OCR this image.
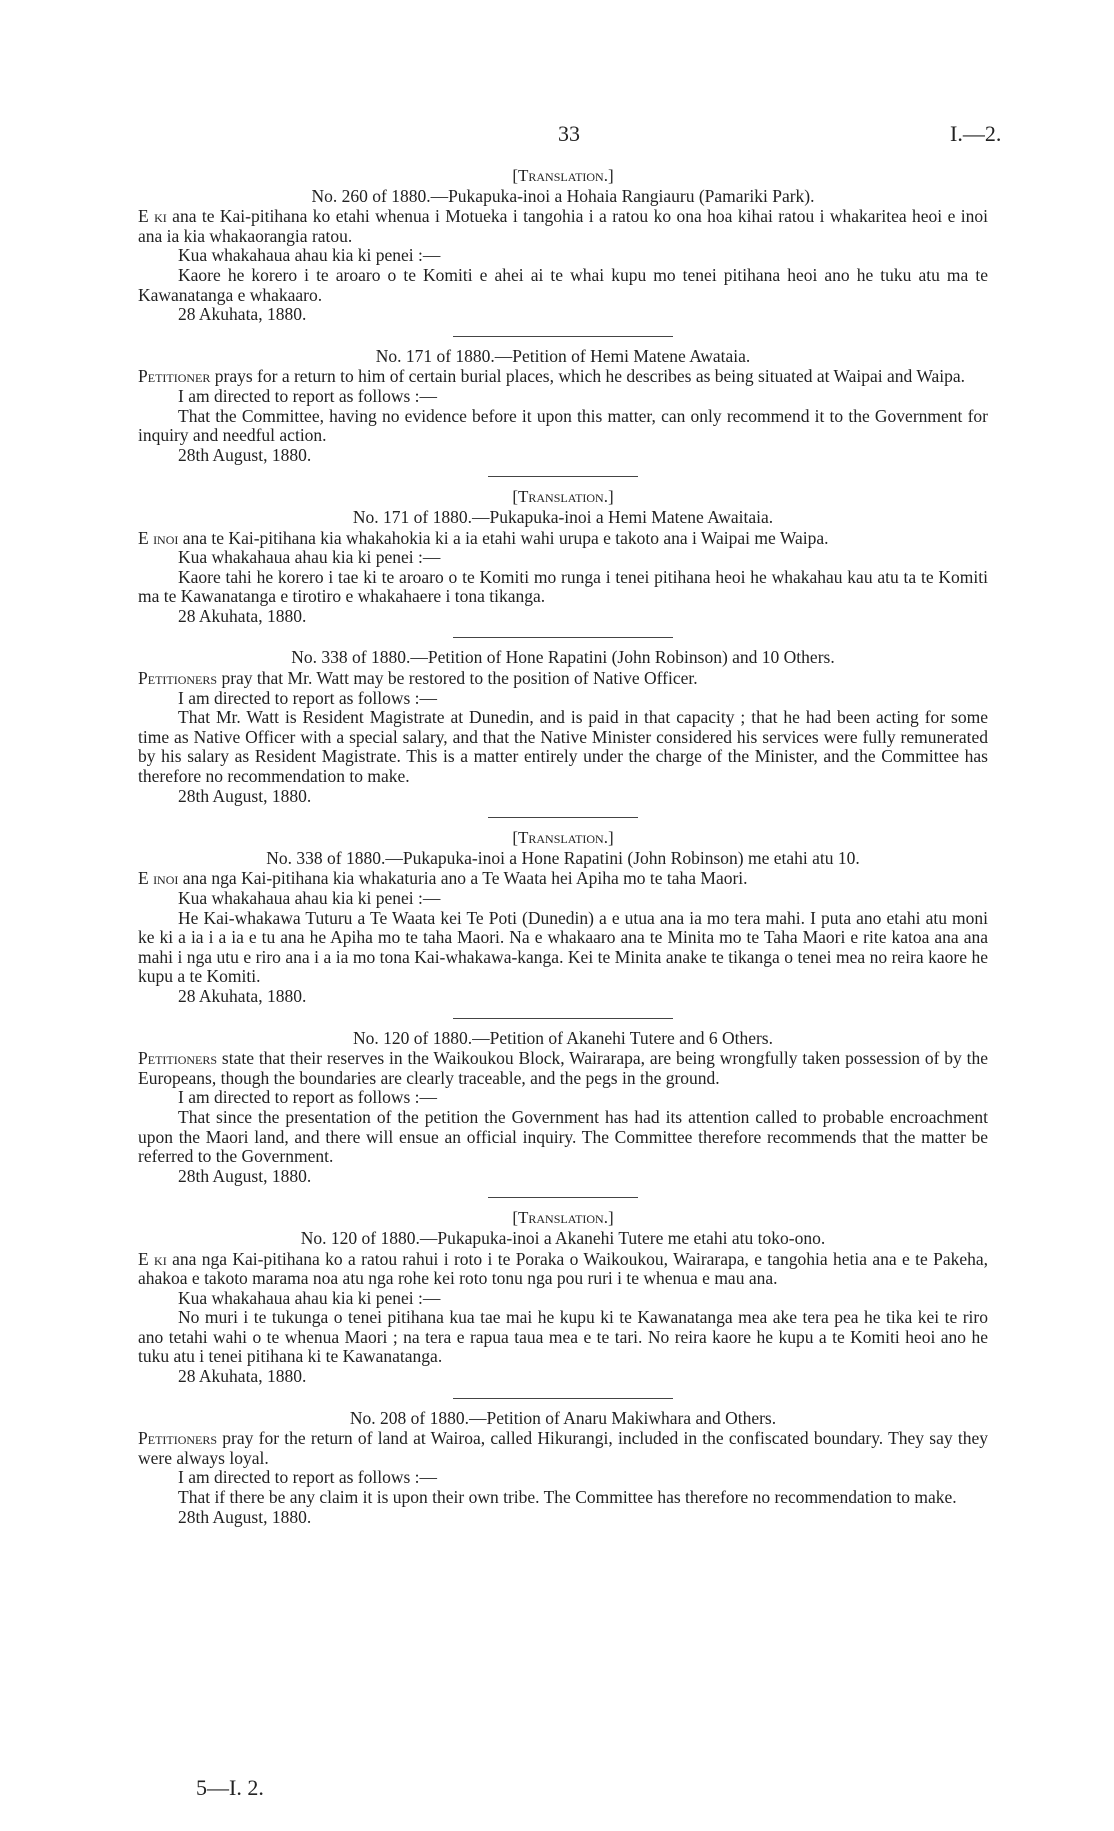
33	I.—2.
[Translation.]
No. 260 of 1880.—Pukapuka-inoi a Hohaia Rangiauru (Pamariki Park).
E ki ana te Kai-pitihana ko etahi whenua i Motueka i tangohia i a ratou ko ona hoa kihai ratou i whakaritea heoi e inoi ana ia kia whakaorangia ratou.
Kua whakahaua ahau kia ki penei :—
Kaore he korero i te aroaro o te Komiti e ahei ai te whai kupu mo tenei pitihana heoi ano he tuku atu ma te Kawanatanga e whakaaro.
28 Akuhata, 1880.
No. 171 of 1880.—Petition of Hemi Matene Awataia.
Petitioner prays for a return to him of certain burial places, which he describes as being situated at Waipai and Waipa.
I am directed to report as follows :—
That the Committee, having no evidence before it upon this matter, can only recommend it to the Government for inquiry and needful action.
28th August, 1880.
[Translation.]
No. 171 of 1880.—Pukapuka-inoi a Hemi Matene Awaitaia.
E inoi ana te Kai-pitihana kia whakahokia ki a ia etahi wahi urupa e takoto ana i Waipai me Waipa.
Kua whakahaua ahau kia ki penei :—
Kaore tahi he korero i tae ki te aroaro o te Komiti mo runga i tenei pitihana heoi he whakahau kau atu ta te Komiti ma te Kawanatanga e tirotiro e whakahaere i tona tikanga.
28 Akuhata, 1880.
No. 338 of 1880.—Petition of Hone Rapatini (John Robinson) and 10 Others.
Petitioners pray that Mr. Watt may be restored to the position of Native Officer.
I am directed to report as follows :—
That Mr. Watt is Resident Magistrate at Dunedin, and is paid in that capacity ; that he had been acting for some time as Native Officer with a special salary, and that the Native Minister considered his services were fully remunerated by his salary as Resident Magistrate. This is a matter entirely under the charge of the Minister, and the Committee has therefore no recommendation to make.
28th August, 1880.
[Translation.]
No. 338 of 1880.—Pukapuka-inoi a Hone Rapatini (John Robinson) me etahi atu 10.
E inoi ana nga Kai-pitihana kia whakaturia ano a Te Waata hei Apiha mo te taha Maori.
Kua whakahaua ahau kia ki penei :—
He Kai-whakawa Tuturu a Te Waata kei Te Poti (Dunedin) a e utua ana ia mo tera mahi. I puta ano etahi atu moni ke ki a ia i a ia e tu ana he Apiha mo te taha Maori. Na e whakaaro ana te Minita mo te Taha Maori e rite katoa ana ana mahi i nga utu e riro ana i a ia mo tona Kai-whakawa-kanga. Kei te Minita anake te tikanga o tenei mea no reira kaore he kupu a te Komiti.
28 Akuhata, 1880.
No. 120 of 1880.—Petition of Akanehi Tutere and 6 Others.
Petitioners state that their reserves in the Waikoukou Block, Wairarapa, are being wrongfully taken possession of by the Europeans, though the boundaries are clearly traceable, and the pegs in the ground.
I am directed to report as follows :—
That since the presentation of the petition the Government has had its attention called to probable encroachment upon the Maori land, and there will ensue an official inquiry. The Committee therefore recommends that the matter be referred to the Government.
28th August, 1880.
[Translation.]
No. 120 of 1880.—Pukapuka-inoi a Akanehi Tutere me etahi atu toko-ono.
E ki ana nga Kai-pitihana ko a ratou rahui i roto i te Poraka o Waikoukou, Wairarapa, e tangohia hetia ana e te Pakeha, ahakoa e takoto marama noa atu nga rohe kei roto tonu nga pou ruri i te whenua e mau ana.
Kua whakahaua ahau kia ki penei :—
No muri i te tukunga o tenei pitihana kua tae mai he kupu ki te Kawanatanga mea ake tera pea he tika kei te riro ano tetahi wahi o te whenua Maori ; na tera e rapua taua mea e te tari. No reira kaore he kupu a te Komiti heoi ano he tuku atu i tenei pitihana ki te Kawanatanga.
28 Akuhata, 1880.
No. 208 of 1880.—Petition of Anaru Makiwhara and Others.
Petitioners pray for the return of land at Wairoa, called Hikurangi, included in the confiscated boundary. They say they were always loyal.
I am directed to report as follows :—
That if there be any claim it is upon their own tribe. The Committee has therefore no recommendation to make.
28th August, 1880.
5—I. 2.
